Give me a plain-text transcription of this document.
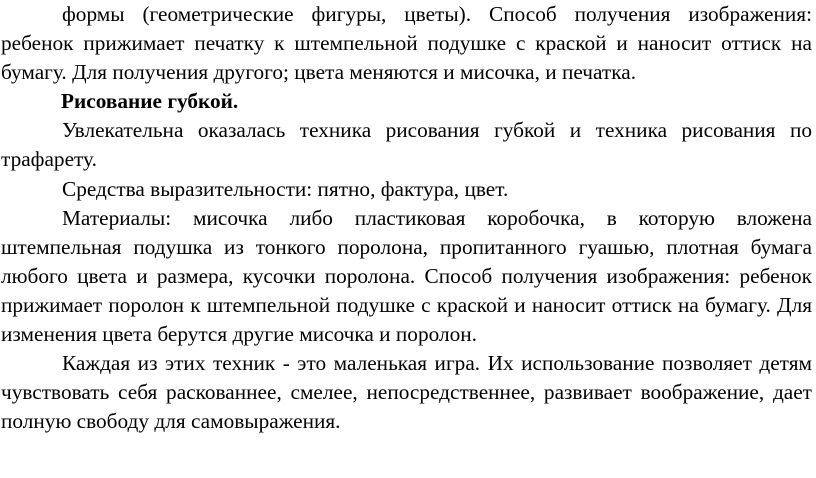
формы (геометрические фигуры, цветы). Способ получения изображения: ребенок прижимает печатку к штемпельной подушке с краской и наносит оттиск на бумагу. Для получения другого; цвета меняются и мисочка, и печатка.

Рисование губкой.

Увлекательна оказалась техника рисования губкой и техника рисования по трафарету.

Средства выразительности: пятно, фактура, цвет.

Материалы: мисочка либо пластиковая коробочка, в которую вложена штемпельная подушка из тонкого поролона, пропитанного гуашью, плотная бумага любого цвета и размера, кусочки поролона. Способ получения изображения: ребенок прижимает поролон к штемпельной подушке с краской и наносит оттиск на бумагу. Для изменения цвета берутся другие мисочка и поролон.

Каждая из этих техник - это маленькая игра. Их использование позволяет детям чувствовать себя раскованнее, смелее, непосредственнее, развивает воображение, дает полную свободу для самовыражения.
